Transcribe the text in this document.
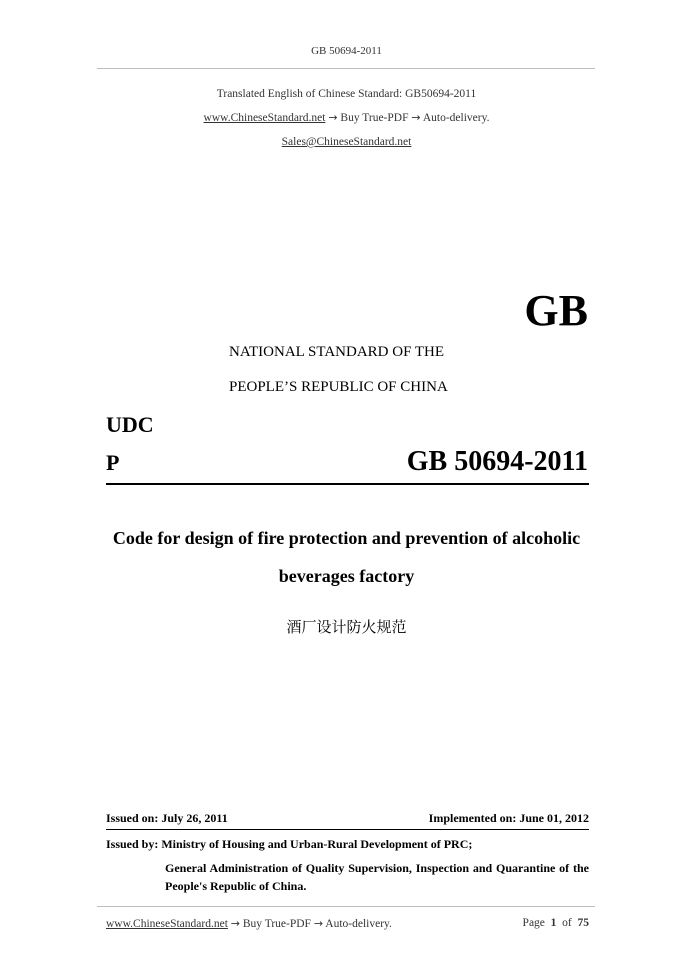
GB 50694-2011
Translated English of Chinese Standard: GB50694-2011
www.ChineseStandard.net → Buy True-PDF → Auto-delivery.
Sales@ChineseStandard.net
GB
NATIONAL STANDARD OF THE
PEOPLE’S REPUBLIC OF CHINA
UDC
P	GB 50694-2011
Code for design of fire protection and prevention of alcoholic
beverages factory
酒厂设计防火规范
Issued on: July 26, 2011	Implemented on: June 01, 2012
Issued by: Ministry of Housing and Urban-Rural Development of PRC;
General Administration of Quality Supervision, Inspection and Quarantine of the People's Republic of China.
www.ChineseStandard.net → Buy True-PDF → Auto-delivery.	Page 1 of 75
